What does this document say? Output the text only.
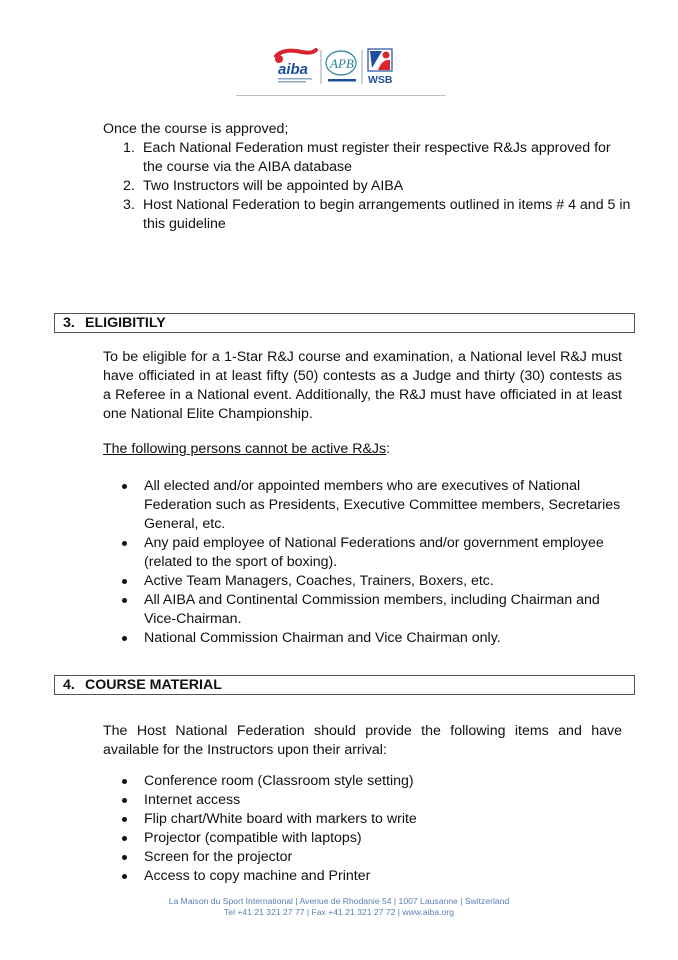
aiba APB
WSB
Once the course is approved;
1. Each National Federation must register their respective R&Js approved for the course via the AIBA database
2. Two Instructors will be appointed by AIBA
3. Host National Federation to begin arrangements outlined in items # 4 and 5 in this guideline
3. ELIGIBITILY
To be eligible for a 1-Star R&J course and examination, a National level R&J must have officiated in at least fifty (50) contests as a Judge and thirty (30) contests as a Referee in a National event. Additionally, the R&J must have officiated in at least one National Elite Championship.
The following persons cannot be active R&Js:
All elected and/or appointed members who are executives of National Federation such as Presidents, Executive Committee members, Secretaries General, etc.
Any paid employee of National Federations and/or government employee (related to the sport of boxing).
Active Team Managers, Coaches, Trainers, Boxers, etc.
All AIBA and Continental Commission members, including Chairman and Vice-Chairman.
National Commission Chairman and Vice Chairman only.
4. COURSE MATERIAL
The Host National Federation should provide the following items and have available for the Instructors upon their arrival:
Conference room (Classroom style setting)
Internet access
Flip chart/White board with markers to write
Projector (compatible with laptops)
Screen for the projector
Access to copy machine and Printer
La Maison du Sport International | Avenue de Rhodanie 54 | 1007 Lausanne | Switzerland
Tel +41 21 321 27 77 | Fax +41 21 321 27 72 | www.aiba.org
